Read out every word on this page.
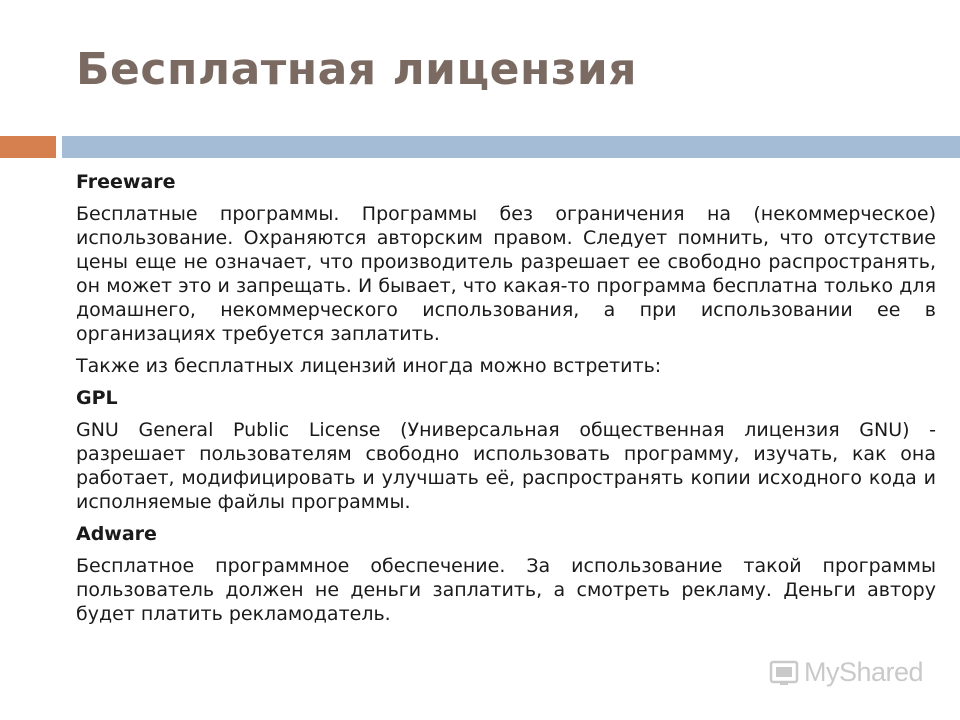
Бесплатная лицензия

Freeware

Бесплатные программы. Программы без ограничения на (некоммерческое) использование. Охраняются авторским правом. Следует помнить, что отсутствие цены еще не означает, что производитель разрешает ее свободно распространять, он может это и запрещать. И бывает, что какая-то программа бесплатна только для домашнего, некоммерческого использования, а при использовании ее в организациях требуется заплатить.

Также из бесплатных лицензий иногда можно встретить:

GPL

GNU General Public License (Универсальная общественная лицензия GNU) - разрешает пользователям свободно использовать программу, изучать, как она работает, модифицировать и улучшать её, распространять копии исходного кода и исполняемые файлы программы.

Adware

Бесплатное программное обеспечение. За использование такой программы пользователь должен не деньги заплатить, а смотреть рекламу. Деньги автору будет платить рекламодатель.

MyShared
